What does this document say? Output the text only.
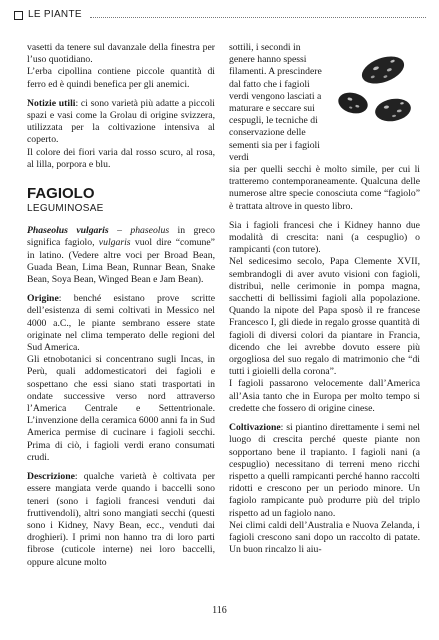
LE PIANTE

vasetti da tenere sul davanzale della finestra per l’uso quotidiano.

L’erba cipollina contiene piccole quantità di ferro ed è quindi benefica per gli anemici.

Notizie utili: ci sono varietà più adatte a piccoli spazi e vasi come la Grolau di origine svizzera, utilizzata per la coltivazione intensiva al coperto.

Il colore dei fiori varia dal rosso scuro, al rosa, al lilla, porpora e blu.

FAGIOLO
LEGUMINOSAE

Phaseolus vulgaris – phaseolus in greco significa fagiolo, vulgaris vuol dire “comune” in latino. (Vedere altre voci per Broad Bean, Guada Bean, Lima Bean, Runnar Bean, Snake Bean, Soya Bean, Winged Bean e Jam Bean).

Origine: benché esistano prove scritte dell’esistenza di semi coltivati in Messico nel 4000 a.C., le piante sembrano essere state originate nel clima temperato delle regioni del Sud America.

Gli etnobotanici si concentrano sugli Incas, in Perù, quali addomesticatori dei fagioli e sospettano che essi siano stati trasportati in ondate successive verso nord attraverso l’America Centrale e Settentrionale. L’invenzione della ceramica 6000 anni fa in Sud America permise di cucinare i fagioli secchi. Prima di ciò, i fagioli verdi erano consumati crudi.

Descrizione: qualche varietà è coltivata per essere mangiata verde quando i baccelli sono teneri (sono i fagioli francesi venduti dai fruttivendoli), altri sono mangiati secchi (questi sono i Kidney, Navy Bean, ecc., venduti dai droghieri). I primi non hanno tra di loro parti fibrose (cuticole interne) nei loro baccelli, oppure alcune molto

sottili, i secondi in genere hanno spessi filamenti. A prescindere dal fatto che i fagioli verdi vengono lasciati a maturare e seccare sui cespugli, le tecniche di conservazione delle sementi sia per i fagioli verdi

sia per quelli secchi è molto simile, per cui li tratteremo contemporaneamente. Qualcuna delle numerose altre specie conosciuta come “fagiolo” è trattata altrove in questo libro.

Sia i fagioli francesi che i Kidney hanno due modalità di crescita: nani (a cespuglio) o rampicanti (con tutore).

Nel sedicesimo secolo, Papa Clemente XVII, sembrandogli di aver avuto visioni con fagioli, distribuì, nelle cerimonie in pompa magna, sacchetti di bellissimi fagioli alla popolazione. Quando la nipote del Papa sposò il re francese Francesco I, gli diede in regalo grosse quantità di fagioli di diversi colori da piantare in Francia, dicendo che lei avrebbe dovuto essere più orgogliosa del suo regalo di matrimonio che “di tutti i gioielli della corona”.

I fagioli passarono velocemente dall’America all’Asia tanto che in Europa per molto tempo si credette che fossero di origine cinese.

Coltivazione: si piantino direttamente i semi nel luogo di crescita perché queste piante non sopportano bene il trapianto. I fagioli nani (a cespuglio) necessitano di terreni meno ricchi rispetto a quelli rampicanti perché hanno raccolti ridotti e crescono per un periodo minore. Un fagiolo rampicante può produrre più del triplo rispetto ad un fagiolo nano.

Nei climi caldi dell’Australia e Nuova Zelanda, i fagioli crescono sani dopo un raccolto di patate. Un buon rincalzo li aiu-

116
